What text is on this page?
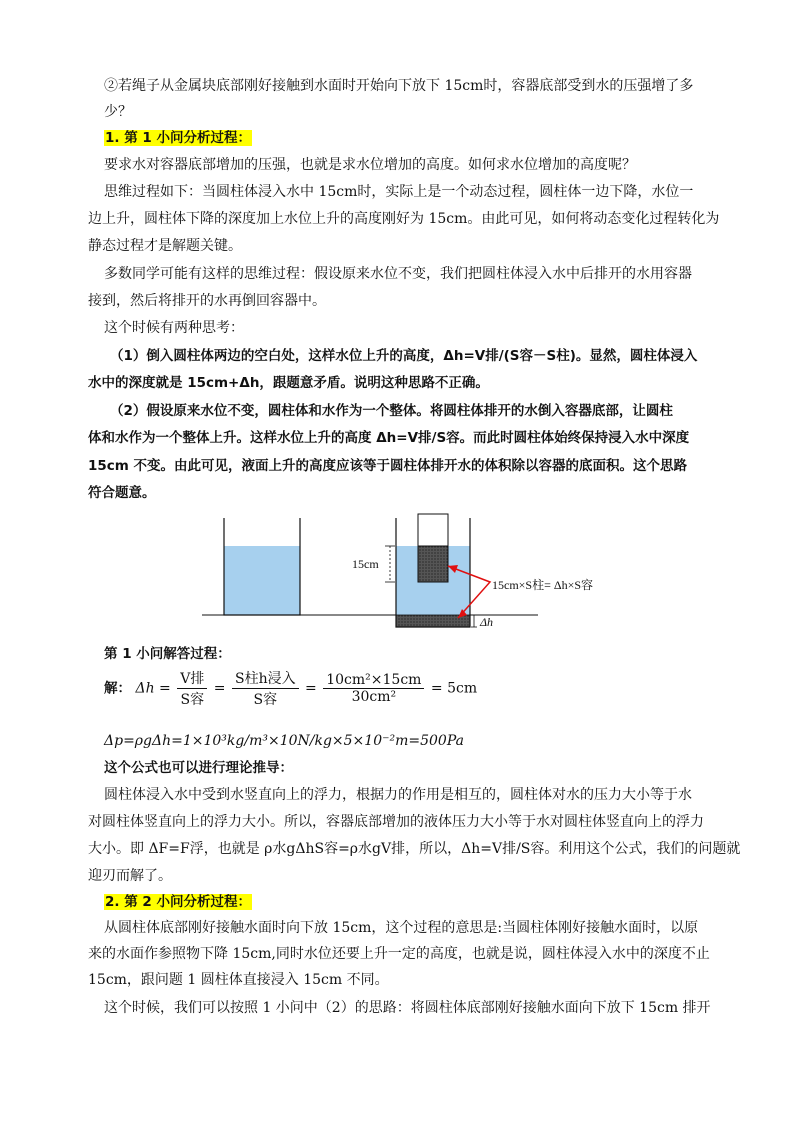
②若绳子从金属块底部刚好接触到水面时开始向下放下 15cm时，容器底部受到水的压强增了多
少？
1. 第 1 小问分析过程：
要求水对容器底部增加的压强，也就是求水位增加的高度。如何求水位增加的高度呢？
思维过程如下：当圆柱体浸入水中 15cm时，实际上是一个动态过程，圆柱体一边下降，水位一
边上升，圆柱体下降的深度加上水位上升的高度刚好为 15cm。由此可见，如何将动态变化过程转化为
静态过程才是解题关键。
多数同学可能有这样的思维过程：假设原来水位不变，我们把圆柱体浸入水中后排开的水用容器
接到，然后将排开的水再倒回容器中。
这个时候有两种思考：
（1）倒入圆柱体两边的空白处，这样水位上升的高度，Δh=V排/(S容－S柱)。显然，圆柱体浸入
水中的深度就是 15cm+Δh，跟题意矛盾。说明这种思路不正确。
（2）假设原来水位不变，圆柱体和水作为一个整体。将圆柱体排开的水倒入容器底部，让圆柱
体和水作为一个整体上升。这样水位上升的高度 Δh=V排/S容。而此时圆柱体始终保持浸入水中深度
15cm 不变。由此可见，液面上升的高度应该等于圆柱体排开水的体积除以容器的底面积。这个思路
符合题意。
15cm
15cm×S柱= Δh×S容
Δh
第 1 小问解答过程：
解： $\Delta h = \frac{\text{V排}}{\text{S容}} = \frac{\text{S柱h浸入}}{\text{S容}} = \frac{\text{10cm²×15cm}}{\text{30cm²}} = 5cm$
Δp=ρgΔh=1×10³kg/m³×10N/kg×5×10⁻²m=500Pa
这个公式也可以进行理论推导：
圆柱体浸入水中受到水竖直向上的浮力，根据力的作用是相互的，圆柱体对水的压力大小等于水
对圆柱体竖直向上的浮力大小。所以，容器底部增加的液体压力大小等于水对圆柱体竖直向上的浮力
大小。即 ΔF=F浮，也就是 ρ水gΔhS容=ρ水gV排，所以，Δh=V排/S容。利用这个公式，我们的问题就
迎刃而解了。
2. 第 2 小问分析过程：
从圆柱体底部刚好接触水面时向下放 15cm，这个过程的意思是:当圆柱体刚好接触水面时，以原
来的水面作参照物下降 15cm,同时水位还要上升一定的高度，也就是说，圆柱体浸入水中的深度不止
15cm，跟问题 1 圆柱体直接浸入 15cm 不同。
这个时候，我们可以按照 1 小问中（2）的思路：将圆柱体底部刚好接触水面向下放下 15cm 排开
